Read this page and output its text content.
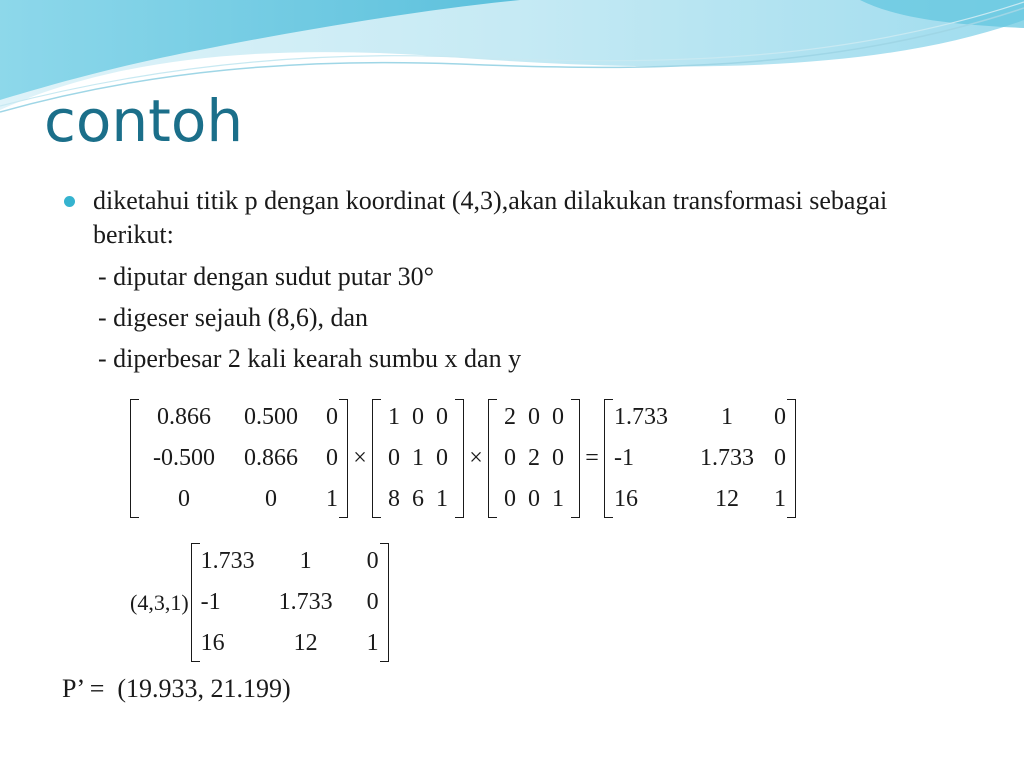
contoh
diketahui titik p dengan koordinat (4,3),akan dilakukan transformasi sebagai berikut:
- diputar dengan sudut putar 30°
- digeser sejauh (8,6), dan
- diperbesar 2 kali kearah sumbu x dan y
0.866	0.500	0
-0.500	0.866	0
0	0	1
×
1 0 0
0 1 0
8 6 1
×
2 0 0
0 2 0
0 0 1
=
1.733	1	0
-1	1.733 0
16	12	1
(4,3,1)
1.733	1	0
-1	1.733	0
16	12	1
P’ =  (19.933, 21.199)
